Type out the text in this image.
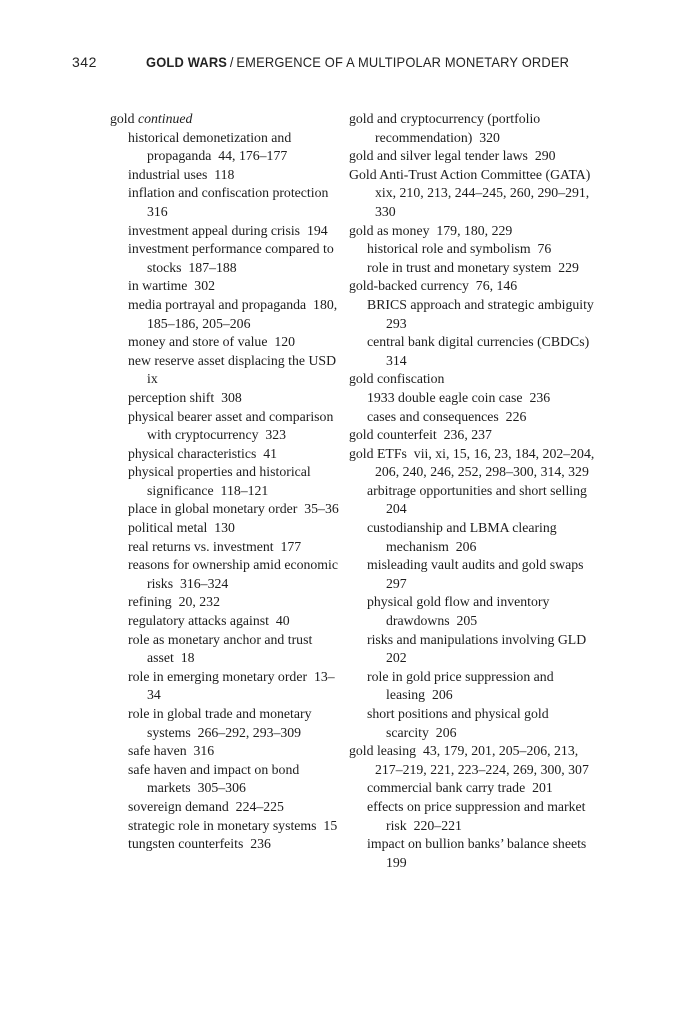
342	GOLD WARS / EMERGENCE OF A MULTIPOLAR MONETARY ORDER
gold continued
historical demonetization and propaganda 44, 176–177
industrial uses 118
inflation and confiscation protection 316
investment appeal during crisis 194
investment performance compared to stocks 187–188
in wartime 302
media portrayal and propaganda 180, 185–186, 205–206
money and store of value 120
new reserve asset displacing the USD ix
perception shift 308
physical bearer asset and comparison with cryptocurrency 323
physical characteristics 41
physical properties and historical significance 118–121
place in global monetary order 35–36
political metal 130
real returns vs. investment 177
reasons for ownership amid economic risks 316–324
refining 20, 232
regulatory attacks against 40
role as monetary anchor and trust asset 18
role in emerging monetary order 13–34
role in global trade and monetary systems 266–292, 293–309
safe haven 316
safe haven and impact on bond markets 305–306
sovereign demand 224–225
strategic role in monetary systems 15
tungsten counterfeits 236
gold and cryptocurrency (portfolio recommendation) 320
gold and silver legal tender laws 290
Gold Anti-Trust Action Committee (GATA) xix, 210, 213, 244–245, 260, 290–291, 330
gold as money 179, 180, 229
historical role and symbolism 76
role in trust and monetary system 229
gold-backed currency 76, 146
BRICS approach and strategic ambiguity 293
central bank digital currencies (CBDCs) 314
gold confiscation
1933 double eagle coin case 236
cases and consequences 226
gold counterfeit 236, 237
gold ETFs vii, xi, 15, 16, 23, 184, 202–204, 206, 240, 246, 252, 298–300, 314, 329
arbitrage opportunities and short selling 204
custodianship and LBMA clearing mechanism 206
misleading vault audits and gold swaps 297
physical gold flow and inventory drawdowns 205
risks and manipulations involving GLD 202
role in gold price suppression and leasing 206
short positions and physical gold scarcity 206
gold leasing 43, 179, 201, 205–206, 213, 217–219, 221, 223–224, 269, 300, 307
commercial bank carry trade 201
effects on price suppression and market risk 220–221
impact on bullion banks’ balance sheets 199
